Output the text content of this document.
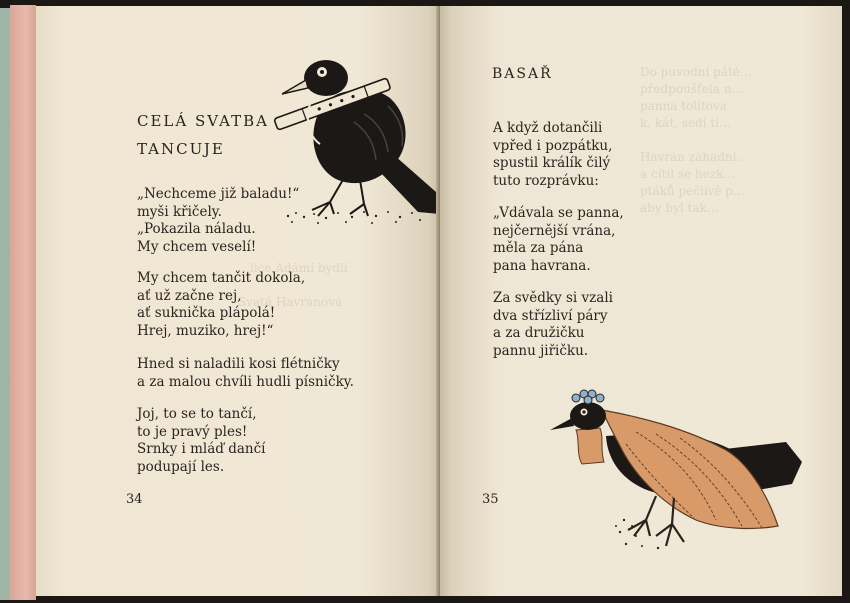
CELÁ SVATBA
TANCUJE
„Nechceme již baladu!“
myši křičely.
„Pokazila náladu.
My chcem veselí!
My chcem tančit dokola,
ať už začne rej,
ať suknička plápolá!
Hrej, muziko, hrej!“
Hned si naladili kosi flétničky
a za malou chvíli hudli písničky.
Joj, to se to tančí,
to je pravý ples!
Srnky i mláď dančí
podupají les.
34
…lice Adámi bydlí

Svatá Havranová
Do puvodní páté…
předpoušťela n…
panna tolítova
k. kát, sedí ti…

Havrán záhadní…
a cítil se hezk…
ptáků pečlivě p…
aby byl tak…
BASAŘ
A když dotančili
vpřed i pozpátku,
spustil králík čilý
tuto rozprávku:
„Vdávala se panna,
nejčernější vrána,
měla za pána
pana havrana.
Za svědky si vzali
dva střízliví páry
a za družičku
pannu jiřičku.
35
